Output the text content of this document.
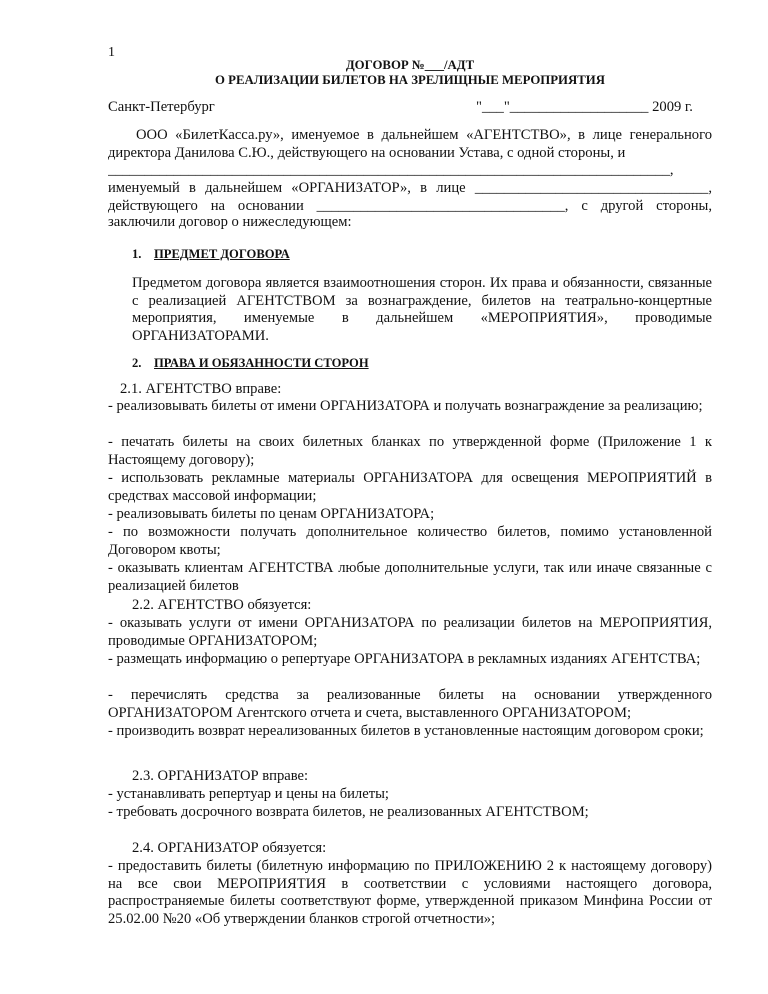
1
ДОГОВОР №___/АДТ
О РЕАЛИЗАЦИИ БИЛЕТОВ НА ЗРЕЛИЩНЫЕ МЕРОПРИЯТИЯ
Санкт-Петербург	"___"___________________ 2009 г.
ООО «БилетКасса.ру», именуемое в дальнейшем «АГЕНТСТВО», в лице генерального директора Данилова С.Ю., действующего на основании Устава, с одной стороны, и
_____________________________________________________________________________,
именуемый в дальнейшем «ОРГАНИЗАТОР», в лице ________________________________,
действующего на основании __________________________________, с другой стороны,
заключили договор о нижеследующем:
1. ПРЕДМЕТ ДОГОВОРА
Предметом договора является взаимоотношения сторон. Их права и обязанности, связанные с реализацией АГЕНТСТВОМ за вознаграждение, билетов на театрально-концертные мероприятия, именуемые в дальнейшем «МЕРОПРИЯТИЯ», проводимые ОРГАНИЗАТОРАМИ.
2. ПРАВА И ОБЯЗАННОСТИ СТОРОН
2.1. АГЕНТСТВО вправе:
- реализовывать билеты от имени ОРГАНИЗАТОРА и получать вознаграждение за реализацию;
- печатать билеты на своих билетных бланках по утвержденной форме (Приложение 1 к Настоящему договору);
- использовать рекламные материалы ОРГАНИЗАТОРА для освещения МЕРОПРИЯТИЙ в средствах массовой информации;
- реализовывать билеты по ценам ОРГАНИЗАТОРА;
- по возможности получать дополнительное количество билетов, помимо установленной Договором квоты;
- оказывать клиентам АГЕНТСТВА любые дополнительные услуги, так или иначе связанные с реализацией билетов
2.2. АГЕНТСТВО обязуется:
- оказывать услуги от имени ОРГАНИЗАТОРА по реализации билетов на МЕРОПРИЯТИЯ, проводимые ОРГАНИЗАТОРОМ;
- размещать информацию о репертуаре ОРГАНИЗАТОРА в рекламных изданиях АГЕНТСТВА;
- перечислять средства за реализованные билеты на основании утвержденного ОРГАНИЗАТОРОМ Агентского отчета и счета, выставленного ОРГАНИЗАТОРОМ;
- производить возврат нереализованных билетов в установленные настоящим договором сроки;
2.3. ОРГАНИЗАТОР вправе:
- устанавливать репертуар и цены на билеты;
- требовать досрочного возврата билетов, не реализованных АГЕНТСТВОМ;
2.4. ОРГАНИЗАТОР обязуется:
- предоставить билеты (билетную информацию по ПРИЛОЖЕНИЮ 2 к настоящему договору) на все свои МЕРОПРИЯТИЯ в соответствии с условиями настоящего договора, распространяемые билеты соответствуют форме, утвержденной приказом Минфина России от 25.02.00 №20 «Об утверждении бланков строгой отчетности»;
